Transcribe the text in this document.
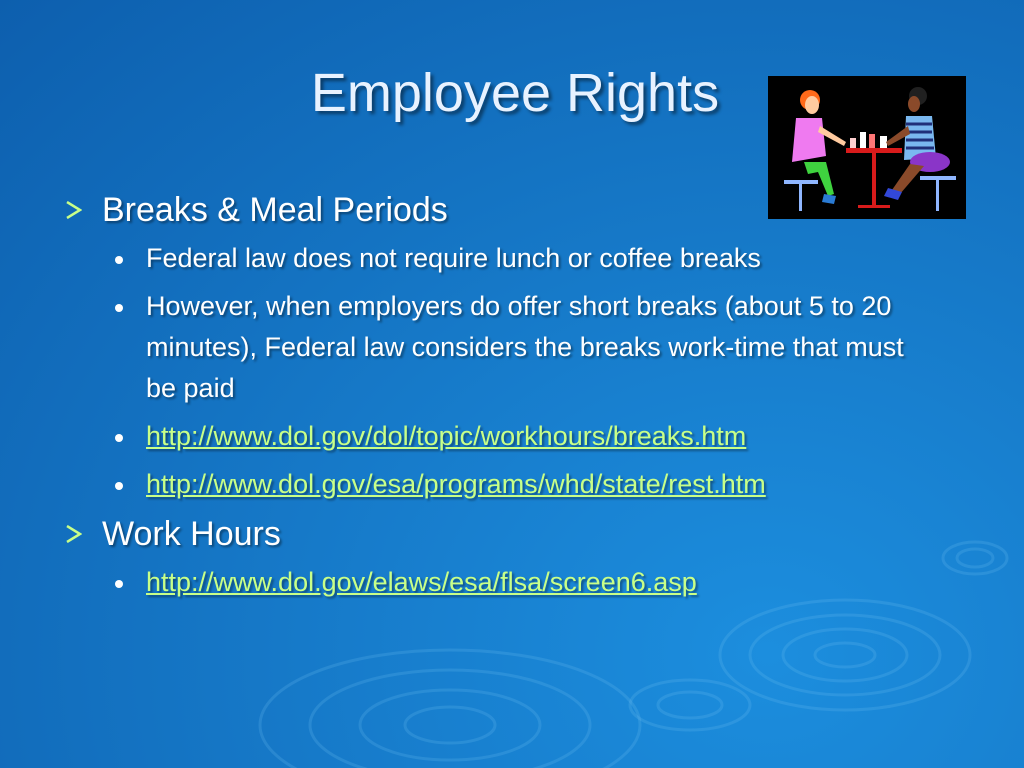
Employee Rights
Breaks & Meal Periods
Federal law does not require lunch or coffee breaks
However, when employers do offer short breaks (about 5 to 20 minutes), Federal law considers the breaks work-time that must be paid
http://www.dol.gov/dol/topic/workhours/breaks.htm
http://www.dol.gov/esa/programs/whd/state/rest.htm
Work Hours
http://www.dol.gov/elaws/esa/flsa/screen6.asp
